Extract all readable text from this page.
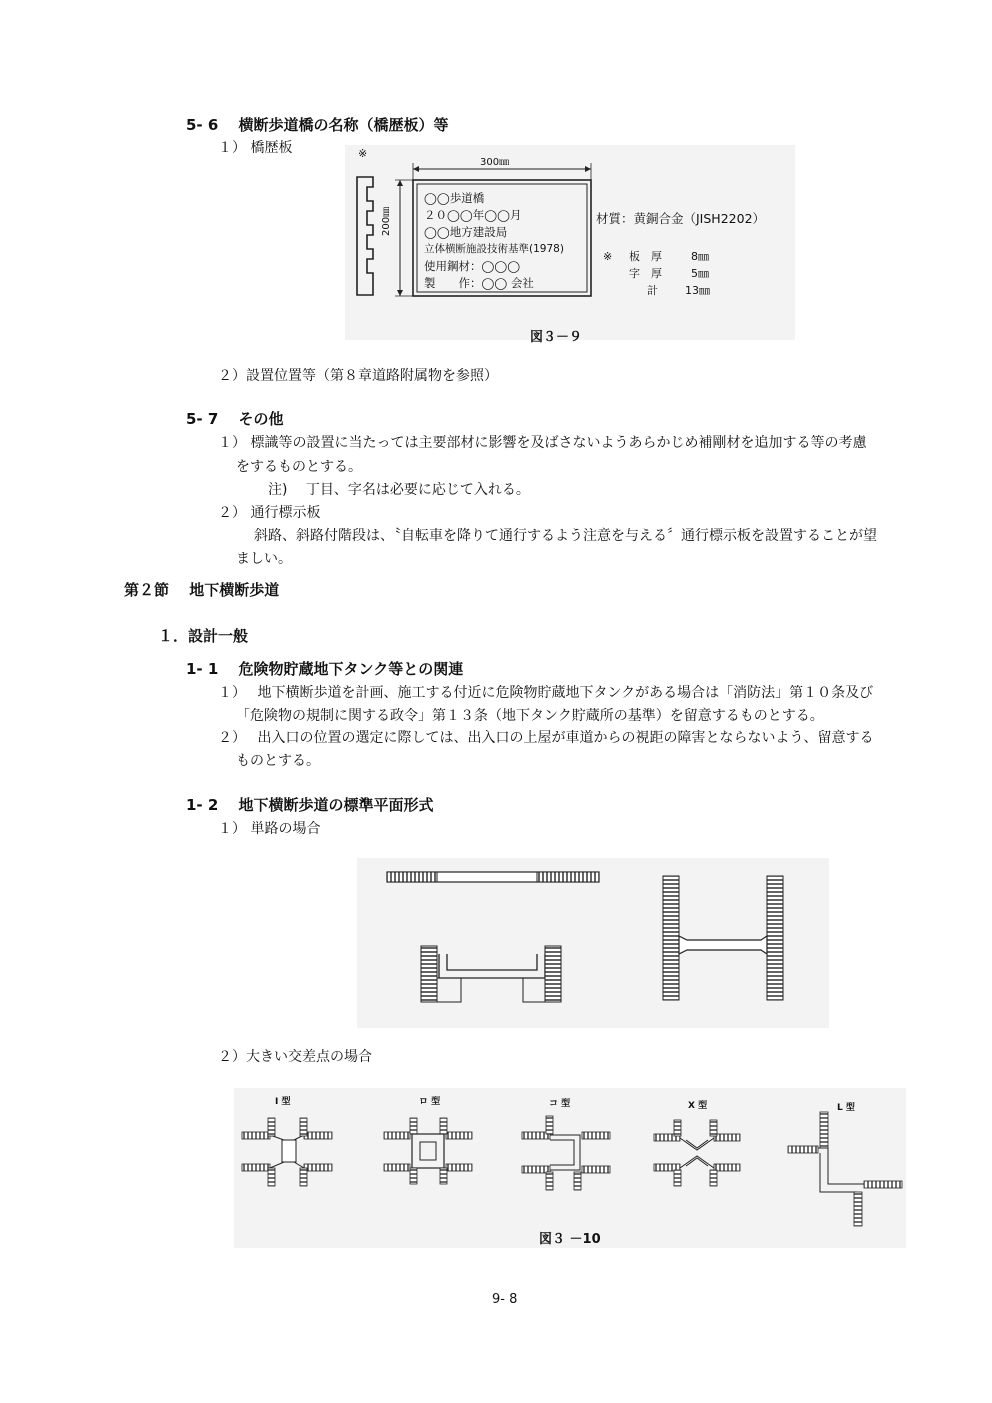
5- 6　 横断歩道橋の名称（橋歴板）等
１） 橋歴板	※
300㎜
200㎜
◯◯歩道橋
２０◯◯年◯◯月
◯◯地方建設局
立体横断施設技術基準(1978)
使用鋼材：◯◯◯
製　　作：◯◯ 会社
材質：黄銅合金（JISH2202）
※ 板　厚	8㎜
字　厚	5㎜
計 13㎜
図３－９
２）設置位置等（第８章道路附属物を参照）
5- 7　 その他
１） 標識等の設置に当たっては主要部材に影響を及ばさないようあらかじめ補剛材を追加する等の考慮
をするものとする。
注)　 丁目、字名は必要に応じて入れる。
２） 通行標示板
斜路、斜路付階段は、〝自転車を降りて通行するよう注意を与える〞通行標示板を設置することが望
ましい。
第２節　 地下横断歩道
１．設計一般
1- 1　 危険物貯蔵地下タンク等との関連
１）　 地下横断歩道を計画、施工する付近に危険物貯蔵地下タンクがある場合は「消防法」第１０条及び
「危険物の規制に関する政令」第１３条（地下タンク貯蔵所の基準）を留意するものとする。
２）　 出入口の位置の選定に際しては、出入口の上屋が車道からの視距の障害とならないよう、留意する
ものとする。
1- 2　 地下横断歩道の標準平面形式
１） 単路の場合
２）大きい交差点の場合
I 型	ロ 型	コ 型	X 型	L 型
図３ －10
9- 8
